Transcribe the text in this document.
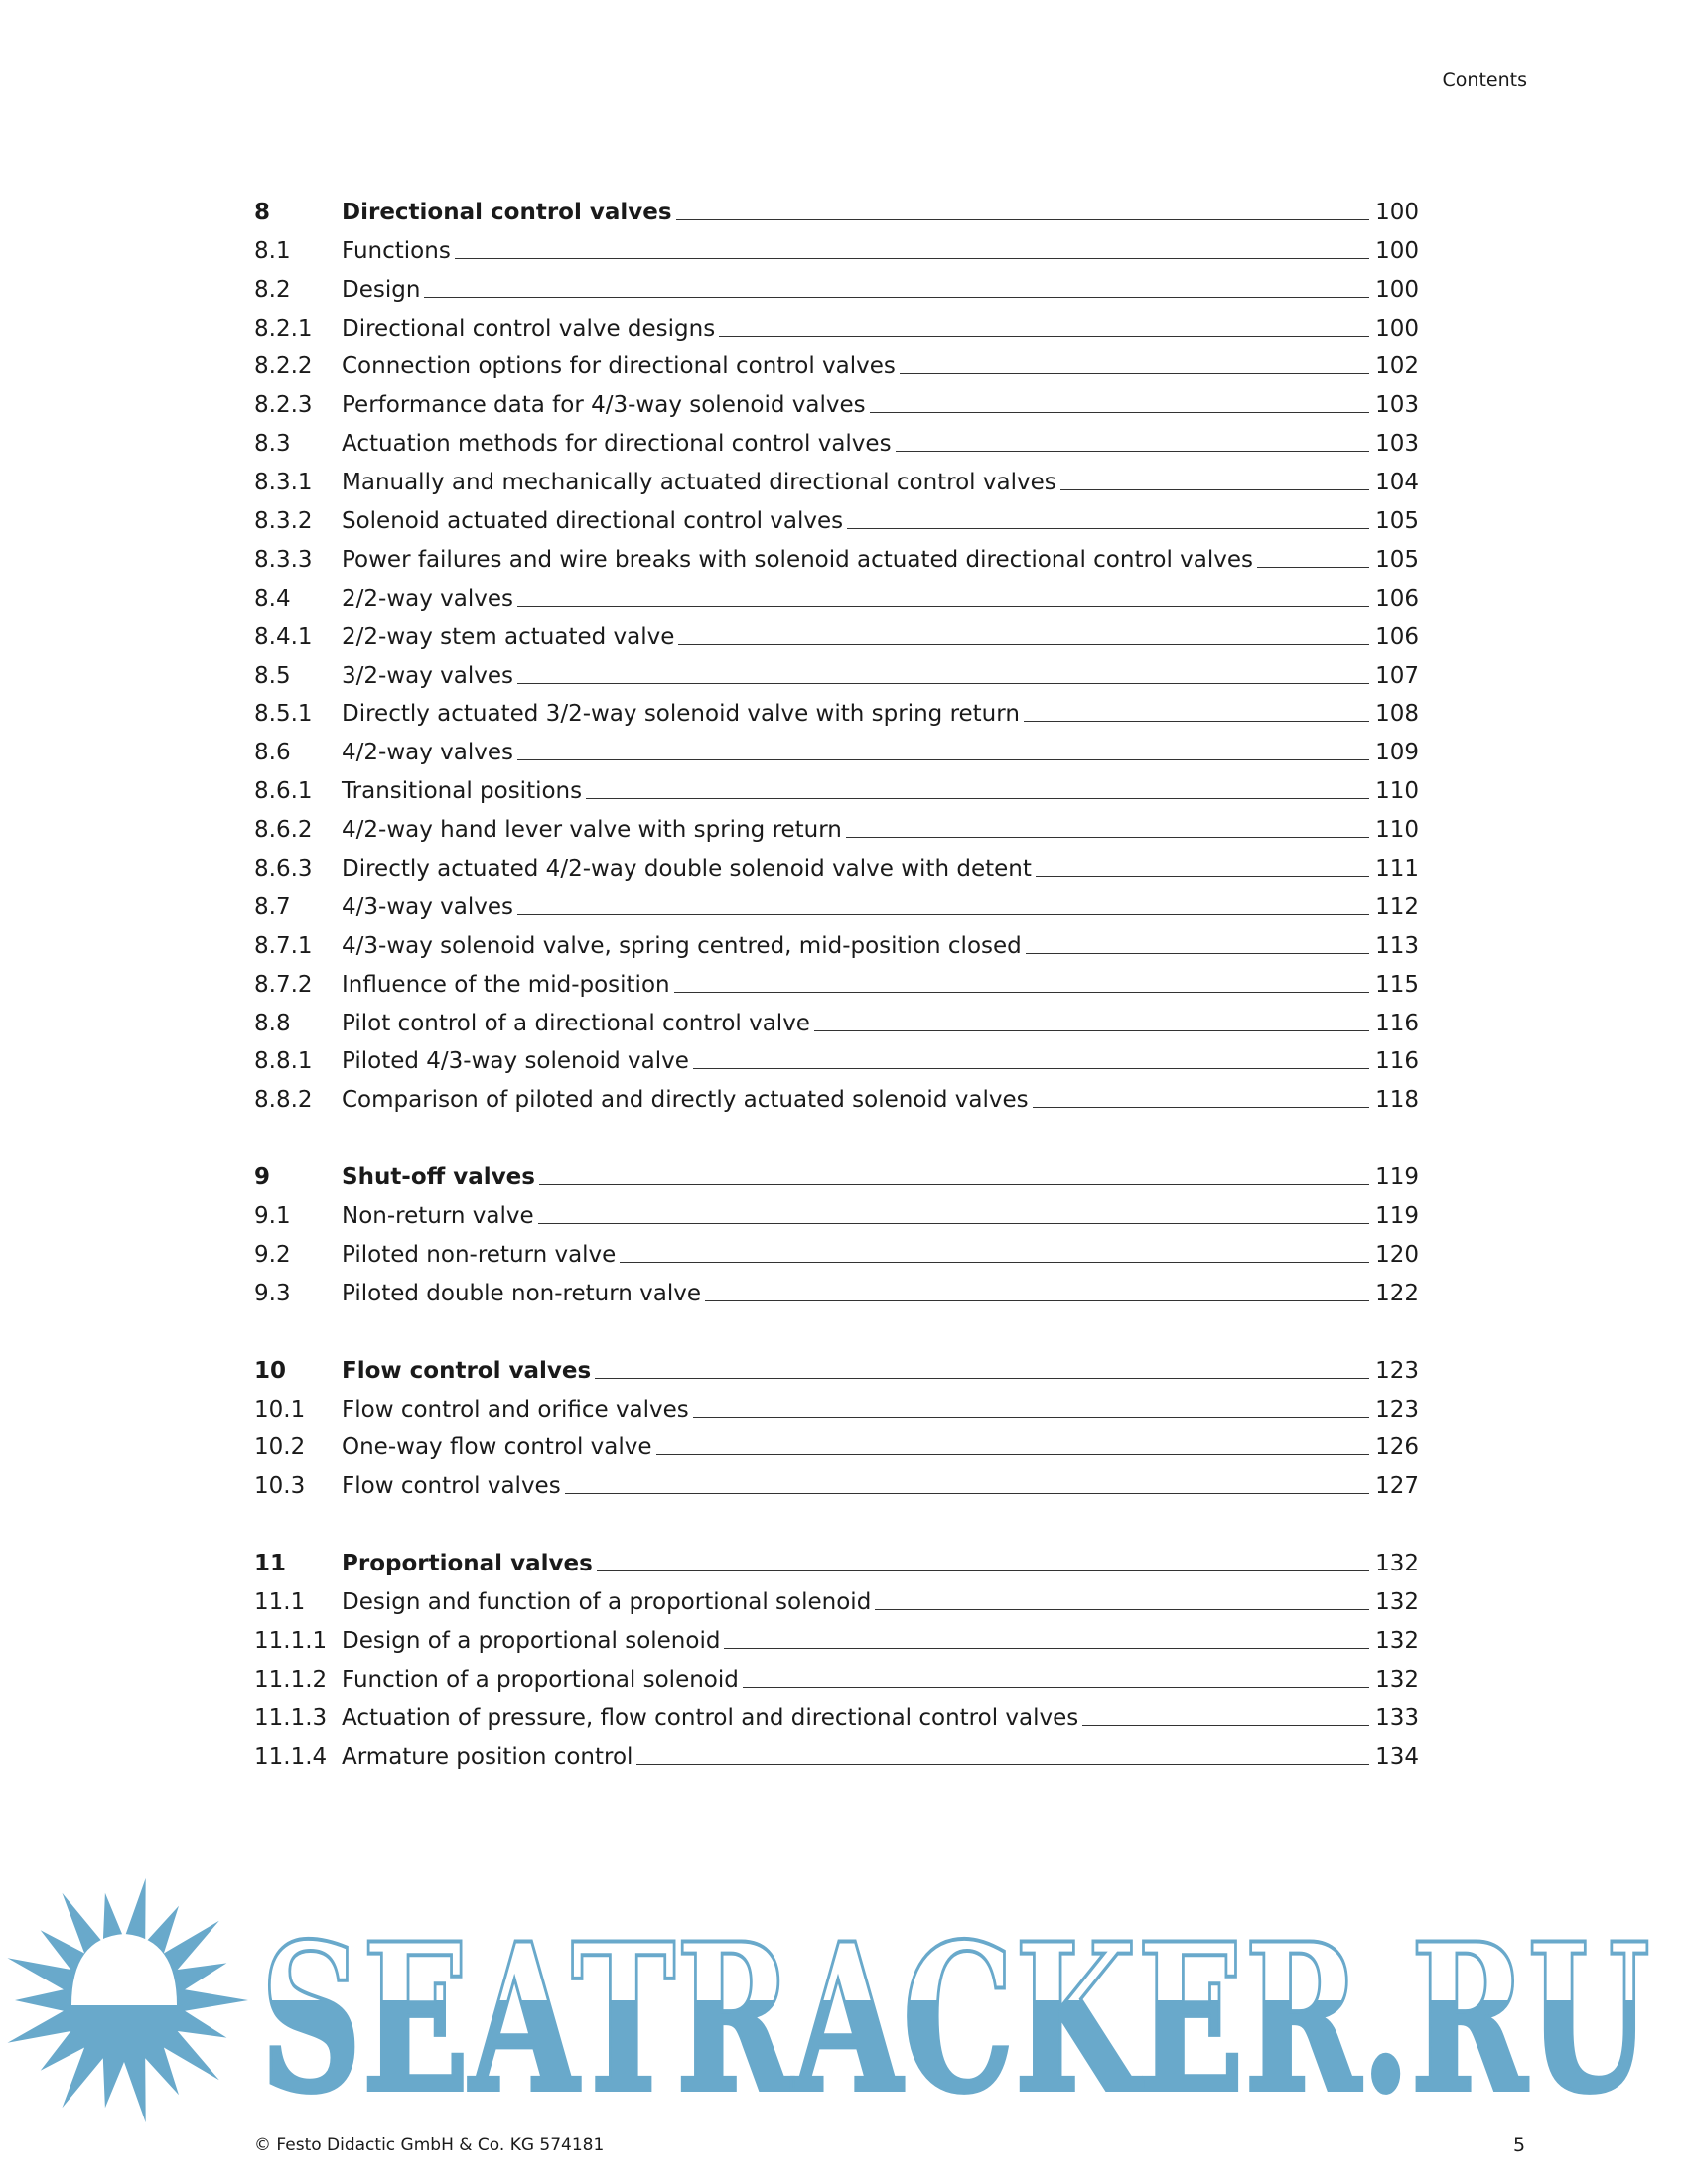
Contents
8	Directional control valves	100
8.1	Functions	100
8.2	Design	100
8.2.1	Directional control valve designs	100
8.2.2	Connection options for directional control valves	102
8.2.3	Performance data for 4/3-way solenoid valves	103
8.3	Actuation methods for directional control valves	103
8.3.1	Manually and mechanically actuated directional control valves	104
8.3.2	Solenoid actuated directional control valves	105
8.3.3	Power failures and wire breaks with solenoid actuated directional control valves	105
8.4	2/2-way valves	106
8.4.1	2/2-way stem actuated valve	106
8.5	3/2-way valves	107
8.5.1	Directly actuated 3/2-way solenoid valve with spring return	108
8.6	4/2-way valves	109
8.6.1	Transitional positions	110
8.6.2	4/2-way hand lever valve with spring return	110
8.6.3	Directly actuated 4/2-way double solenoid valve with detent	111
8.7	4/3-way valves	112
8.7.1	4/3-way solenoid valve, spring centred, mid-position closed	113
8.7.2	Influence of the mid-position	115
8.8	Pilot control of a directional control valve	116
8.8.1	Piloted 4/3-way solenoid valve	116
8.8.2	Comparison of piloted and directly actuated solenoid valves	118
9	Shut-off valves	119
9.1	Non-return valve	119
9.2	Piloted non-return valve	120
9.3	Piloted double non-return valve	122
10	Flow control valves	123
10.1	Flow control and orifice valves	123
10.2	One-way flow control valve	126
10.3	Flow control valves	127
11	Proportional valves	132
11.1	Design and function of a proportional solenoid	132
11.1.1 Design of a proportional solenoid	132
11.1.2 Function of a proportional solenoid	132
11.1.3 Actuation of pressure, flow control and directional control valves	133
11.1.4 Armature position control	134
SEATRACKER.RU
© Festo Didactic GmbH & Co. KG 574181	5
